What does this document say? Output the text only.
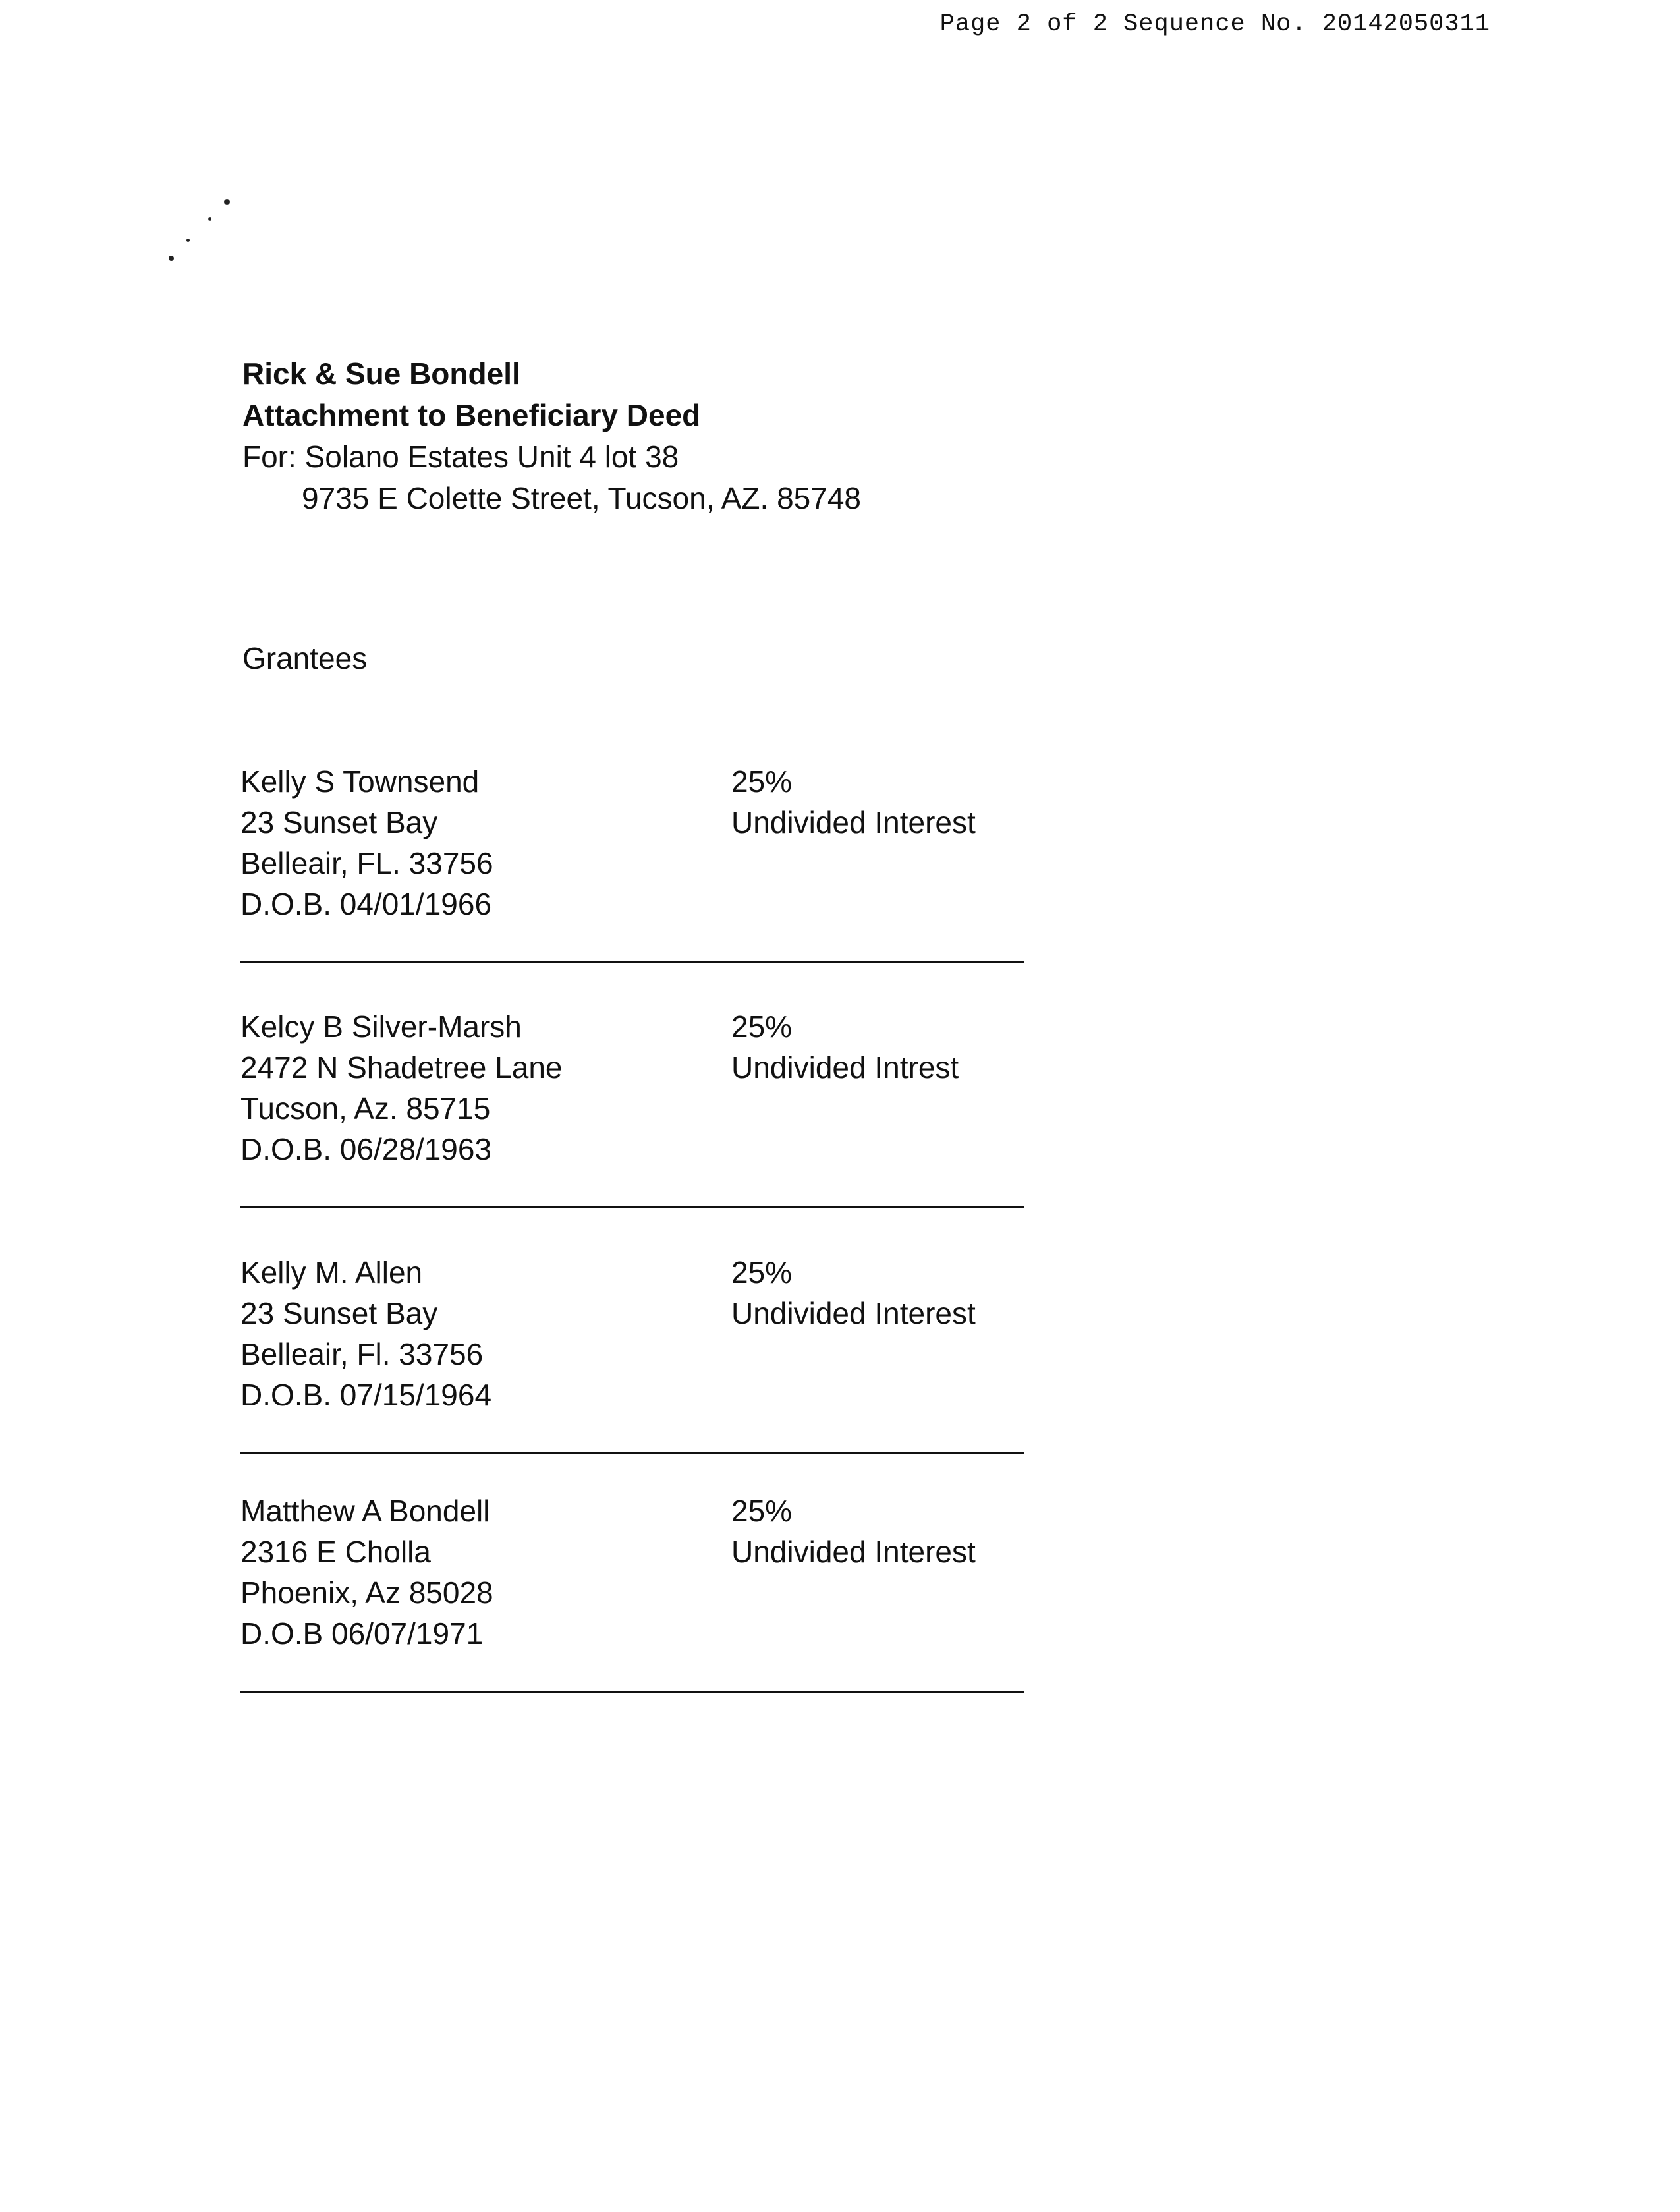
Page 2 of 2 Sequence No. 20142050311
Rick & Sue Bondell
Attachment to Beneficiary Deed
For: Solano Estates Unit 4 lot 38
9735 E Colette Street, Tucson, AZ. 85748
Grantees
Kelly S Townsend
23 Sunset Bay
Belleair, FL. 33756
D.O.B. 04/01/1966
25%
Undivided Interest
Kelcy B Silver-Marsh
2472 N Shadetree Lane
Tucson, Az. 85715
D.O.B. 06/28/1963
25%
Undivided Intrest
Kelly M. Allen
23 Sunset Bay
Belleair, Fl. 33756
D.O.B. 07/15/1964
25%
Undivided Interest
Matthew A Bondell
2316 E Cholla
Phoenix, Az 85028
D.O.B 06/07/1971
25%
Undivided Interest
